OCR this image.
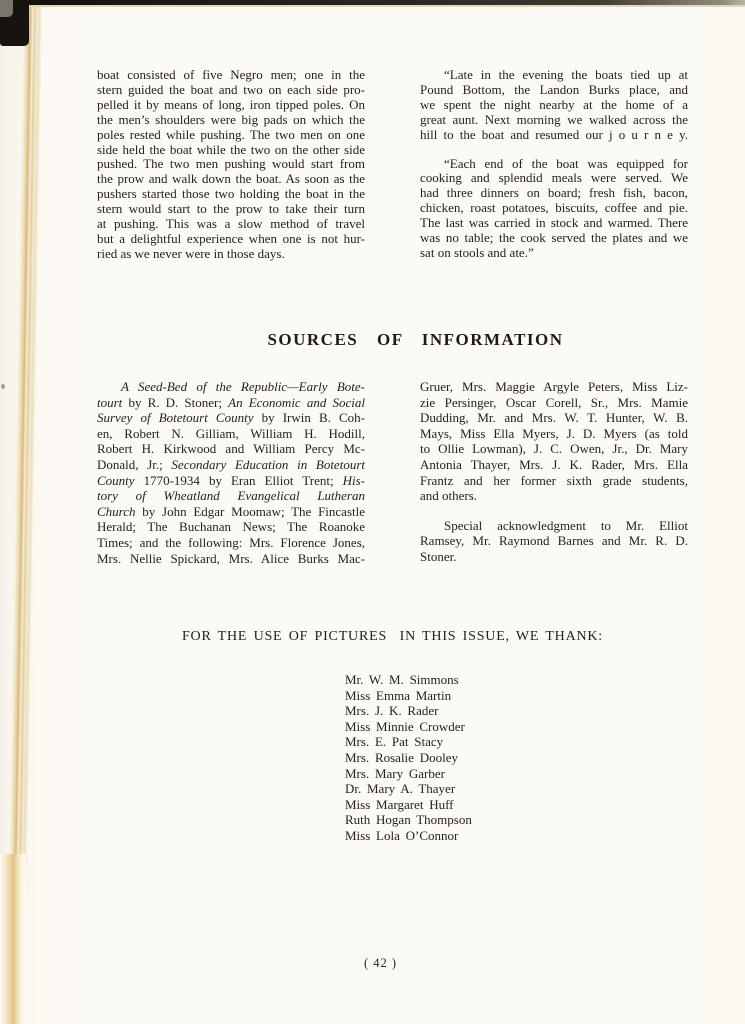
boat consisted of five Negro men; one in the
stern guided the boat and two on each side pro-
pelled it by means of long, iron tipped poles. On
the men’s shoulders were big pads on which the
poles rested while pushing. The two men on one
side held the boat while the two on the other side
pushed. The two men pushing would start from
the prow and walk down the boat. As soon as the
pushers started those two holding the boat in the
stern would start to the prow to take their turn
at pushing. This was a slow method of travel
but a delightful experience when one is not hur-
ried as we never were in those days.
“Late in the evening the boats tied up at
Pound Bottom, the Landon Burks place, and
we spent the night nearby at the home of a
great aunt. Next morning we walked across the
hill to the boat and resumed our j o u r n e y.
“Each end of the boat was equipped for
cooking and splendid meals were served. We
had three dinners on board; fresh fish, bacon,
chicken, roast potatoes, biscuits, coffee and pie.
The last was carried in stock and warmed. There
was no table; the cook served the plates and we
sat on stools and ate.”
SOURCES OF INFORMATION
A Seed-Bed of the Republic—Early Bote-
tourt by R. D. Stoner; An Economic and Social
Survey of Botetourt County by Irwin B. Coh-
en, Robert N. Gilliam, William H. Hodill,
Robert H. Kirkwood and William Percy Mc-
Donald, Jr.; Secondary Education in Botetourt
County 1770-1934 by Eran Elliot Trent; His-
tory of Wheatland Evangelical Lutheran
Church by John Edgar Moomaw; The Fincastle
Herald; The Buchanan News; The Roanoke
Times; and the following: Mrs. Florence Jones,
Mrs. Nellie Spickard, Mrs. Alice Burks Mac-
Gruer, Mrs. Maggie Argyle Peters, Miss Liz-
zie Persinger, Oscar Corell, Sr., Mrs. Mamie
Dudding, Mr. and Mrs. W. T. Hunter, W. B.
Mays, Miss Ella Myers, J. D. Myers (as told
to Ollie Lowman), J. C. Owen, Jr., Dr. Mary
Antonia Thayer, Mrs. J. K. Rader, Mrs. Ella
Frantz and her former sixth grade students,
and others.
Special acknowledgment to Mr. Elliot
Ramsey, Mr. Raymond Barnes and Mr. R. D.
Stoner.
FOR THE USE OF PICTURES  IN THIS ISSUE, WE THANK:
Mr. W. M. Simmons
Miss Emma Martin
Mrs. J. K. Rader
Miss Minnie Crowder
Mrs. E. Pat Stacy
Mrs. Rosalie Dooley
Mrs. Mary Garber
Dr. Mary A. Thayer
Miss Margaret Huff
Ruth Hogan Thompson
Miss Lola O’Connor
( 42 )
